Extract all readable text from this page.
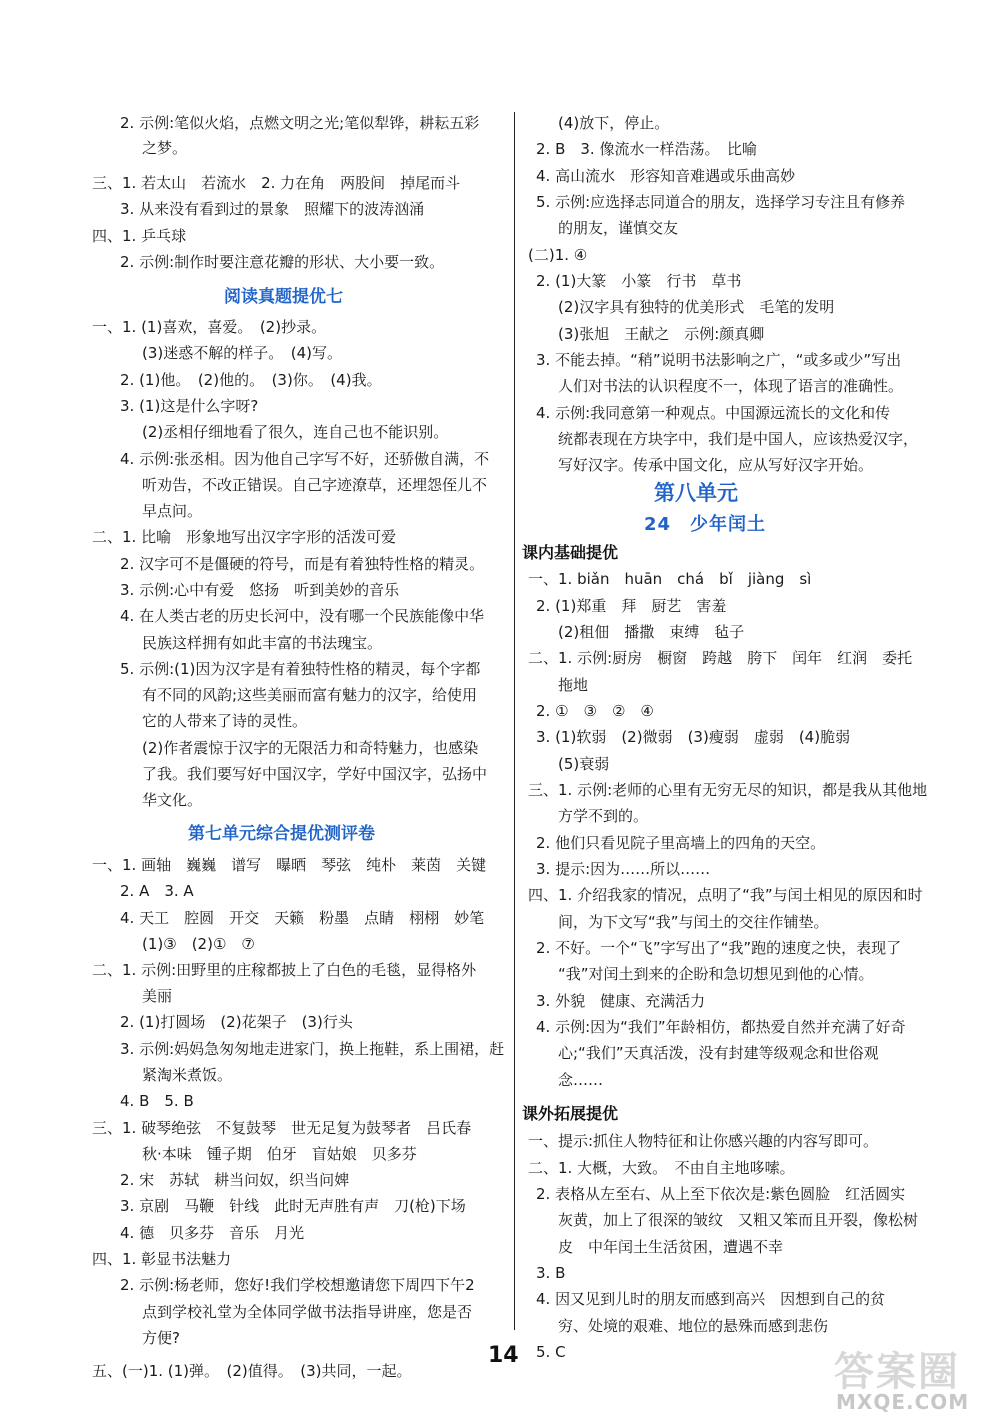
2. 示例:笔似火焰，点燃文明之光;笔似犁铧，耕耘五彩
之梦。
三、1. 若太山　若流水　2. 力在角　两股间　掉尾而斗
3. 从来没有看到过的景象　照耀下的波涛汹涌
四、1. 乒乓球
2. 示例:制作时要注意花瓣的形状、大小要一致。
一、1. (1)喜欢，喜爱。　(2)抄录。
(3)迷惑不解的样子。　(4)写。
2. (1)他。　(2)他的。　(3)你。　(4)我。
3. (1)这是什么字呀?
(2)丞相仔细地看了很久，连自己也不能识别。
4. 示例:张丞相。因为他自己字写不好，还骄傲自满，不
听劝告，不改正错误。自己字迹潦草，还埋怨侄儿不
早点问。
二、1. 比喻　形象地写出汉字字形的活泼可爱
2. 汉字可不是僵硬的符号，而是有着独特性格的精灵。
3. 示例:心中有爱　悠扬　听到美妙的音乐
4. 在人类古老的历史长河中，没有哪一个民族能像中华
民族这样拥有如此丰富的书法瑰宝。
5. 示例:(1)因为汉字是有着独特性格的精灵，每个字都
有不同的风韵;这些美丽而富有魅力的汉字，给使用
它的人带来了诗的灵性。
(2)作者震惊于汉字的无限活力和奇特魅力，也感染
了我。我们要写好中国汉字，学好中国汉字，弘扬中
华文化。
一、1. 画轴　巍巍　谱写　曝晒　琴弦　纯朴　莱茵　关键
2. A　3. A
4. 天工　腔圆　开交　天籁　粉墨　点睛　栩栩　妙笔
(1)③　(2)①　⑦
二、1. 示例:田野里的庄稼都披上了白色的毛毯，显得格外
美丽
2. (1)打圆场　(2)花架子　(3)行头
3. 示例:妈妈急匆匆地走进家门，换上拖鞋，系上围裙，赶
紧淘米煮饭。
4. B　5. B
三、1. 破琴绝弦　不复鼓琴　世无足复为鼓琴者　吕氏春
秋·本味　锺子期　伯牙　盲姑娘　贝多芬
2. 宋　苏轼　耕当问奴，织当问婢
3. 京剧　马鞭　针线　此时无声胜有声　刀(枪)下场
4. 德　贝多芬　音乐　月光
四、1. 彰显书法魅力
2. 示例:杨老师，您好!我们学校想邀请您下周四下午2
点到学校礼堂为全体同学做书法指导讲座，您是否
方便?
五、(一)1. (1)弹。　(2)值得。　(3)共同，一起。
阅读真题提优七
第七单元综合提优测评卷
(4)放下，停止。
2. B　3. 像流水一样浩荡。　比喻
4. 高山流水　形容知音难遇或乐曲高妙
5. 示例:应选择志同道合的朋友，选择学习专注且有修养
的朋友，谨慎交友
(二)1. ④
2. (1)大篆　小篆　行书　草书
(2)汉字具有独特的优美形式　毛笔的发明
(3)张旭　王献之　示例:颜真卿
3. 不能去掉。“稍”说明书法影响之广，“或多或少”写出
人们对书法的认识程度不一，体现了语言的准确性。
4. 示例:我同意第一种观点。中国源远流长的文化和传
统都表现在方块字中，我们是中国人，应该热爱汉字，
写好汉字。传承中国文化，应从写好汉字开始。
一、1. biǎn　huān　chá　bǐ　jiàng　sì
2. (1)郑重　拜　厨艺　害羞
(2)租佃　播撒　束缚　毡子
二、1. 示例:厨房　橱窗　跨越　胯下　闰年　红润　委托
拖地
2. ①　③　②　④
3. (1)软弱　(2)微弱　(3)瘦弱　虚弱　(4)脆弱
(5)衰弱
三、1. 示例:老师的心里有无穷无尽的知识，都是我从其他地
方学不到的。
2. 他们只看见院子里高墙上的四角的天空。
3. 提示:因为……所以……
四、1. 介绍我家的情况，点明了“我”与闰土相见的原因和时
间，为下文写“我”与闰土的交往作铺垫。
2. 不好。一个“飞”字写出了“我”跑的速度之快，表现了
“我”对闰土到来的企盼和急切想见到他的心情。
3. 外貌　健康、充满活力
4. 示例:因为“我们”年龄相仿，都热爱自然并充满了好奇
心;“我们”天真活泼，没有封建等级观念和世俗观
念……
一、提示:抓住人物特征和让你感兴趣的内容写即可。
二、1. 大概，大致。　不由自主地哆嗦。
2. 表格从左至右、从上至下依次是:紫色圆脸　红活圆实
灰黄，加上了很深的皱纹　又粗又笨而且开裂，像松树
皮　中年闰土生活贫困，遭遇不幸
3. B
4. 因又见到儿时的朋友而感到高兴　因想到自己的贫
穷、处境的艰难、地位的悬殊而感到悲伤
5. C
第八单元
24　少年闰土
课内基础提优
课外拓展提优
14	答案圈
MXQE.COM
